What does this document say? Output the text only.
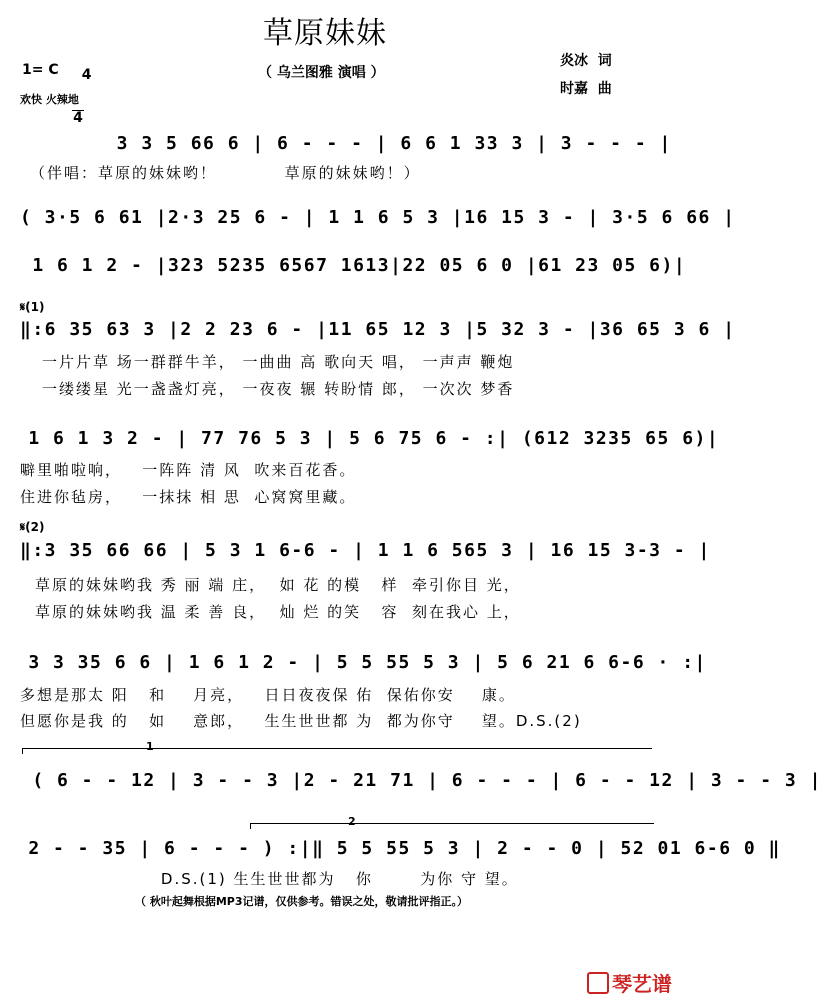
草原妹妹
（ 乌兰图雅 演唱 ）
1= C	4

4

欢快 火辣地
炎冰  词
时嘉  曲
3 3 5 66 6 | 6 - - - | 6 6 1 33 3 | 3 - - - |
（伴唱：草原的妹妹哟！          草原的妹妹哟！）
( 3·5 6 61 |2·3 25 6 - | 1 1 6 5 3 |16 15 3 - | 3·5 6 66 |
1 6 1 2 - |323 5235 6567 1613|22 05 6 0 |61 23 05 6)|
𝄋(1)
‖:6 35 63 3 |2 2 23 6 - |11 65 12 3 |5 32 3 - |36 65 3 6 |
一片片草 场一群群牛羊， 一曲曲 高 歌向天 唱， 一声声 鞭炮
一缕缕星 光一盏盏灯亮， 一夜夜 辗 转盼情 郎， 一次次 梦香
1 6 1 3 2 - | 77 76 5 3 | 5 6 75 6 - :| (612 3235 65 6)|
噼里啪啦响，   一阵阵 清 风  吹来百花香。
住进你毡房，   一抹抹 相 思  心窝窝里藏。
𝄋(2)
‖:3 35 66 66 | 5 3 1 6-6 - | 1 1 6 565 3 | 16 15 3-3 - |
草原的妹妹哟我 秀 丽 端 庄，  如 花 的模   样  牵引你目 光，
草原的妹妹哟我 温 柔 善 良，  灿 烂 的笑   容  刻在我心 上，
3 3 35 6 6 | 1 6 1 2 - | 5 5 55 5 3 | 5 6 21 6 6-6 · :|
多想是那太 阳   和    月亮，   日日夜夜保 佑  保佑你安    康。
但愿你是我 的   如    意郎，   生生世世都 为  都为你守    望。D.S.(2)
1
( 6 - - 12 | 3 - - 3 |2 - 21 71 | 6 - - - | 6 - - 12 | 3 - - 3 |
2
2 - - 35 | 6 - - - ) :|‖ 5 5 55 5 3 | 2 - - 0 | 52 01 6-6 0 ‖
D.S.(1) 生生世世都为   你       为你 守 望。
（ 秋叶起舞根据MP3记谱，仅供参考。错误之处，敬请批评指正。）

琴艺谱
